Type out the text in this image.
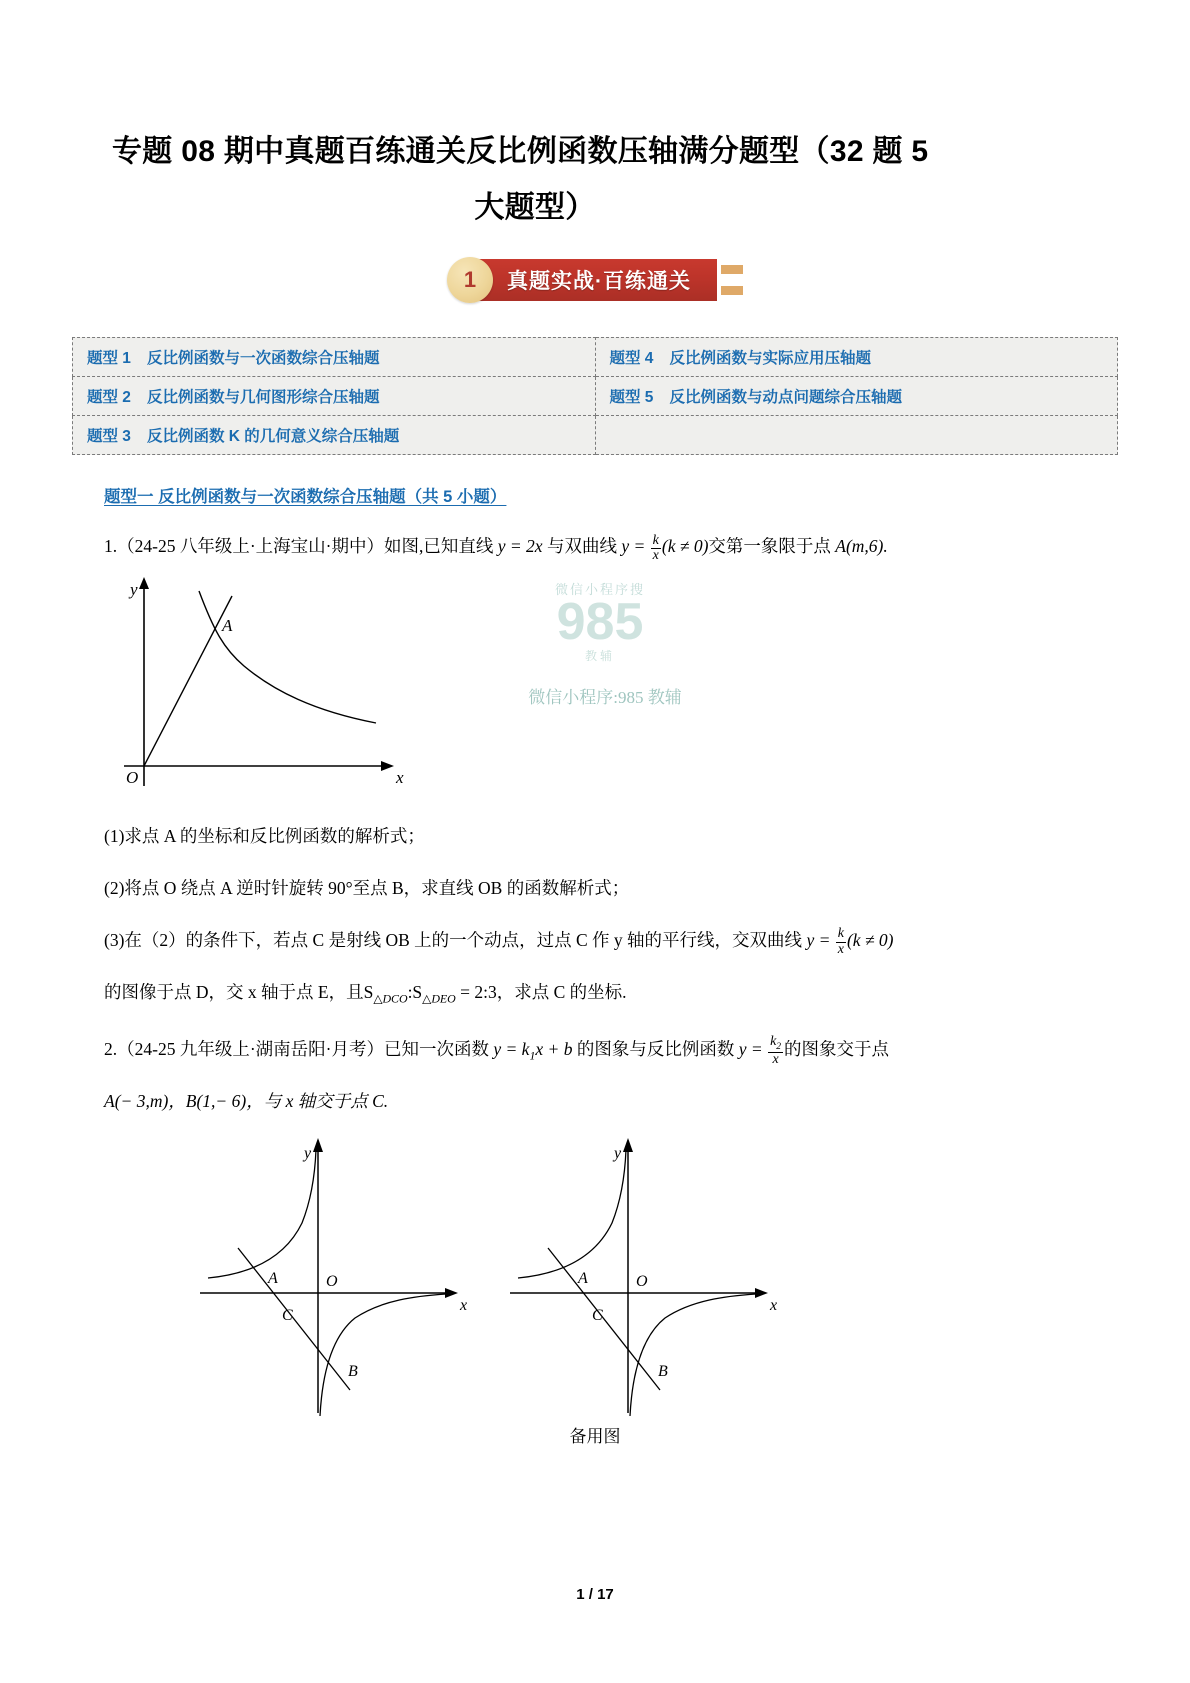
专题 08 期中真题百练通关反比例函数压轴满分题型（32 题 5
大题型）
1	真题实战·百练通关
题型 1 反比例函数与一次函数综合压轴题	题型 4 反比例函数与实际应用压轴题
题型 2 反比例函数与几何图形综合压轴题	题型 5 反比例函数与动点问题综合压轴题
题型 3 反比例函数 K 的几何意义综合压轴题	
题型一 反比例函数与一次函数综合压轴题（共 5 小题）
1.（24-25 八年级上·上海宝山·期中）如图,已知直线 y = 2x 与双曲线 $y = \frac{k}{x} (k \ne 0)$交第一象限于点 A(m,6).
微信小程序搜
985
教辅
微信小程序:985 教辅
y
x
O
A
(1)求点 A 的坐标和反比例函数的解析式；
(2)将点 O 绕点 A 逆时针旋转 90°至点 B，求直线 OB 的函数解析式；
(3)在（2）的条件下，若点 C 是射线 OB 上的一个动点，过点 C 作 y 轴的平行线，交双曲线 $y = \frac{k}{x} (k \ne 0)$
的图像于点 D，交 x 轴于点 E，且$S_{\triangle DCO}:S_{\triangle DEO}$ = 2:3，求点 C 的坐标.
2.（24-25 九年级上·湖南岳阳·月考）已知一次函数 $y = k_1x + b$ 的图象与反比例函数 $y = \frac{k_2}{x}$ 的图象交于点
A(− 3,m)，B(1,− 6)，与 x 轴交于点 C.
y
x
O
A
C
B
y
x
O
A
C
B
备用图
1 / 17
